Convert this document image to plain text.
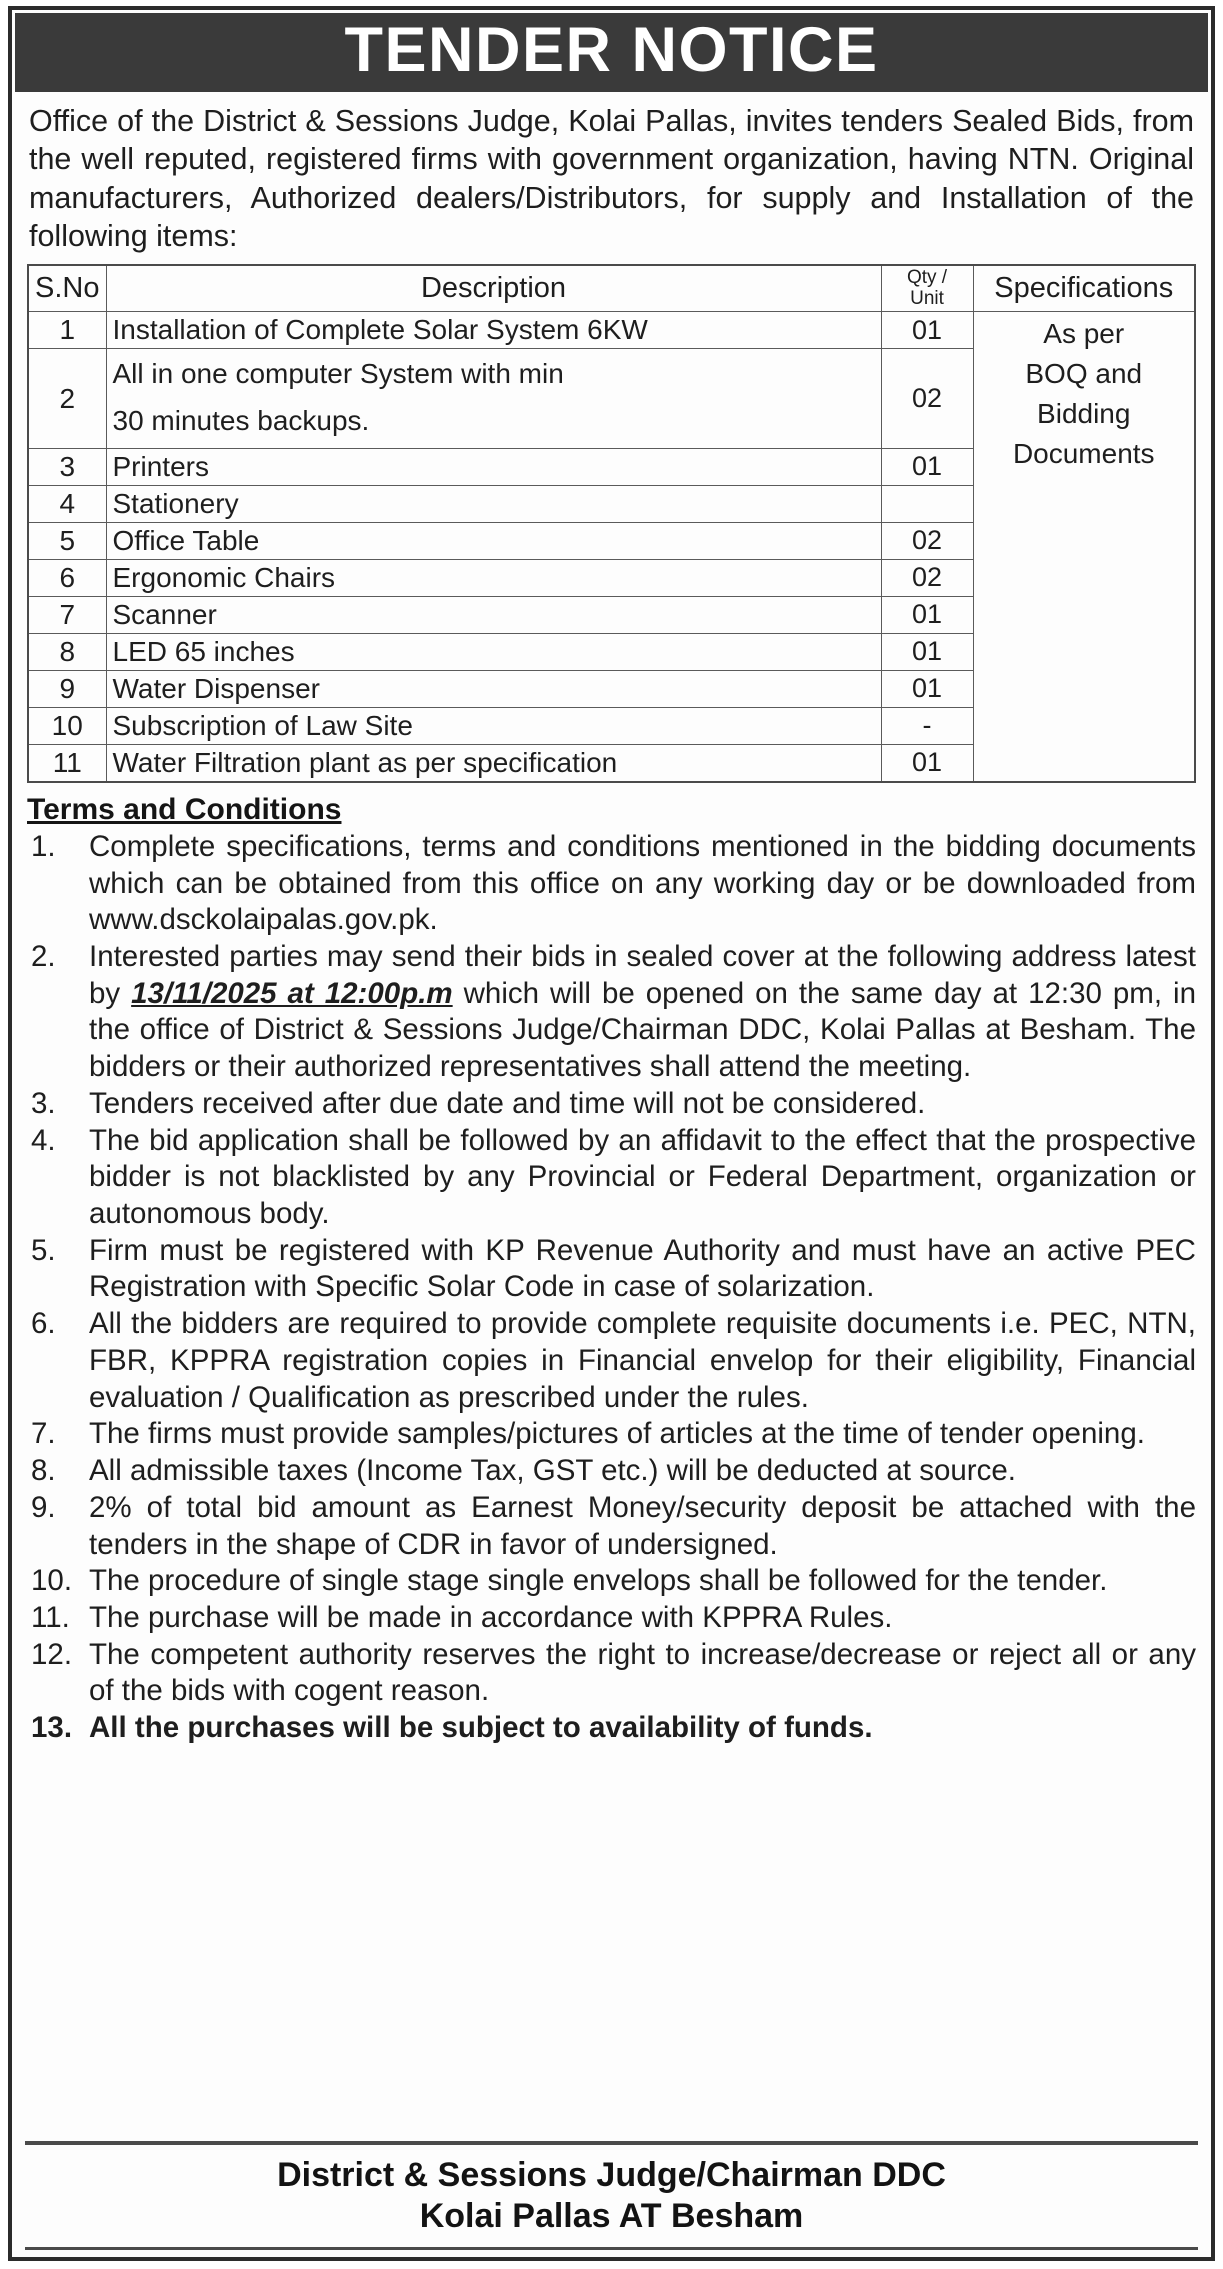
TENDER NOTICE
Office of the District & Sessions Judge, Kolai Pallas, invites tenders Sealed Bids, from the well reputed, registered firms with government organization, having NTN. Original manufacturers, Authorized dealers/Distributors, for supply and Installation of the following items:
S.No	Description	Qty / Unit	Specifications
1	Installation of Complete Solar System 6KW	01	As per
BOQ and
Bidding
Documents

2	All in one computer System with min
30 minutes backups.	02	
3	Printers	01	
4	Stationery		
5	Office Table	02	
6	Ergonomic Chairs	02	
7	Scanner	01	
8	LED 65 inches	01	
9	Water Dispenser	01	
10	Subscription of Law Site	-	
11	Water Filtration plant as per specification	01	
Terms and Conditions
1.	Complete specifications, terms and conditions mentioned in the bidding documents which can be obtained from this office on any working day or be downloaded from www.dsckolaipalas.gov.pk.
2.	Interested parties may send their bids in sealed cover at the following address latest by 13/11/2025 at 12:00p.m which will be opened on the same day at 12:30 pm, in the office of District & Sessions Judge/Chairman DDC, Kolai Pallas at Besham. The bidders or their authorized representatives shall attend the meeting.
3.	Tenders received after due date and time will not be considered.
4.	The bid application shall be followed by an affidavit to the effect that the prospective bidder is not blacklisted by any Provincial or Federal Department, organization or autonomous body.
5.	Firm must be registered with KP Revenue Authority and must have an active PEC Registration with Specific Solar Code in case of solarization.
6.	All the bidders are required to provide complete requisite documents i.e. PEC, NTN, FBR, KPPRA registration copies in Financial envelop for their eligibility, Financial evaluation / Qualification as prescribed under the rules.
7.	The firms must provide samples/pictures of articles at the time of tender opening.
8.	All admissible taxes (Income Tax, GST etc.) will be deducted at source.
9.	2% of total bid amount as Earnest Money/security deposit be attached with the tenders in the shape of CDR in favor of undersigned.
10. The procedure of single stage single envelops shall be followed for the tender.
11. The purchase will be made in accordance with KPPRA Rules.
12. The competent authority reserves the right to increase/decrease or reject all or any of the bids with cogent reason.
13. All the purchases will be subject to availability of funds.
District & Sessions Judge/Chairman DDC
Kolai Pallas AT Besham
